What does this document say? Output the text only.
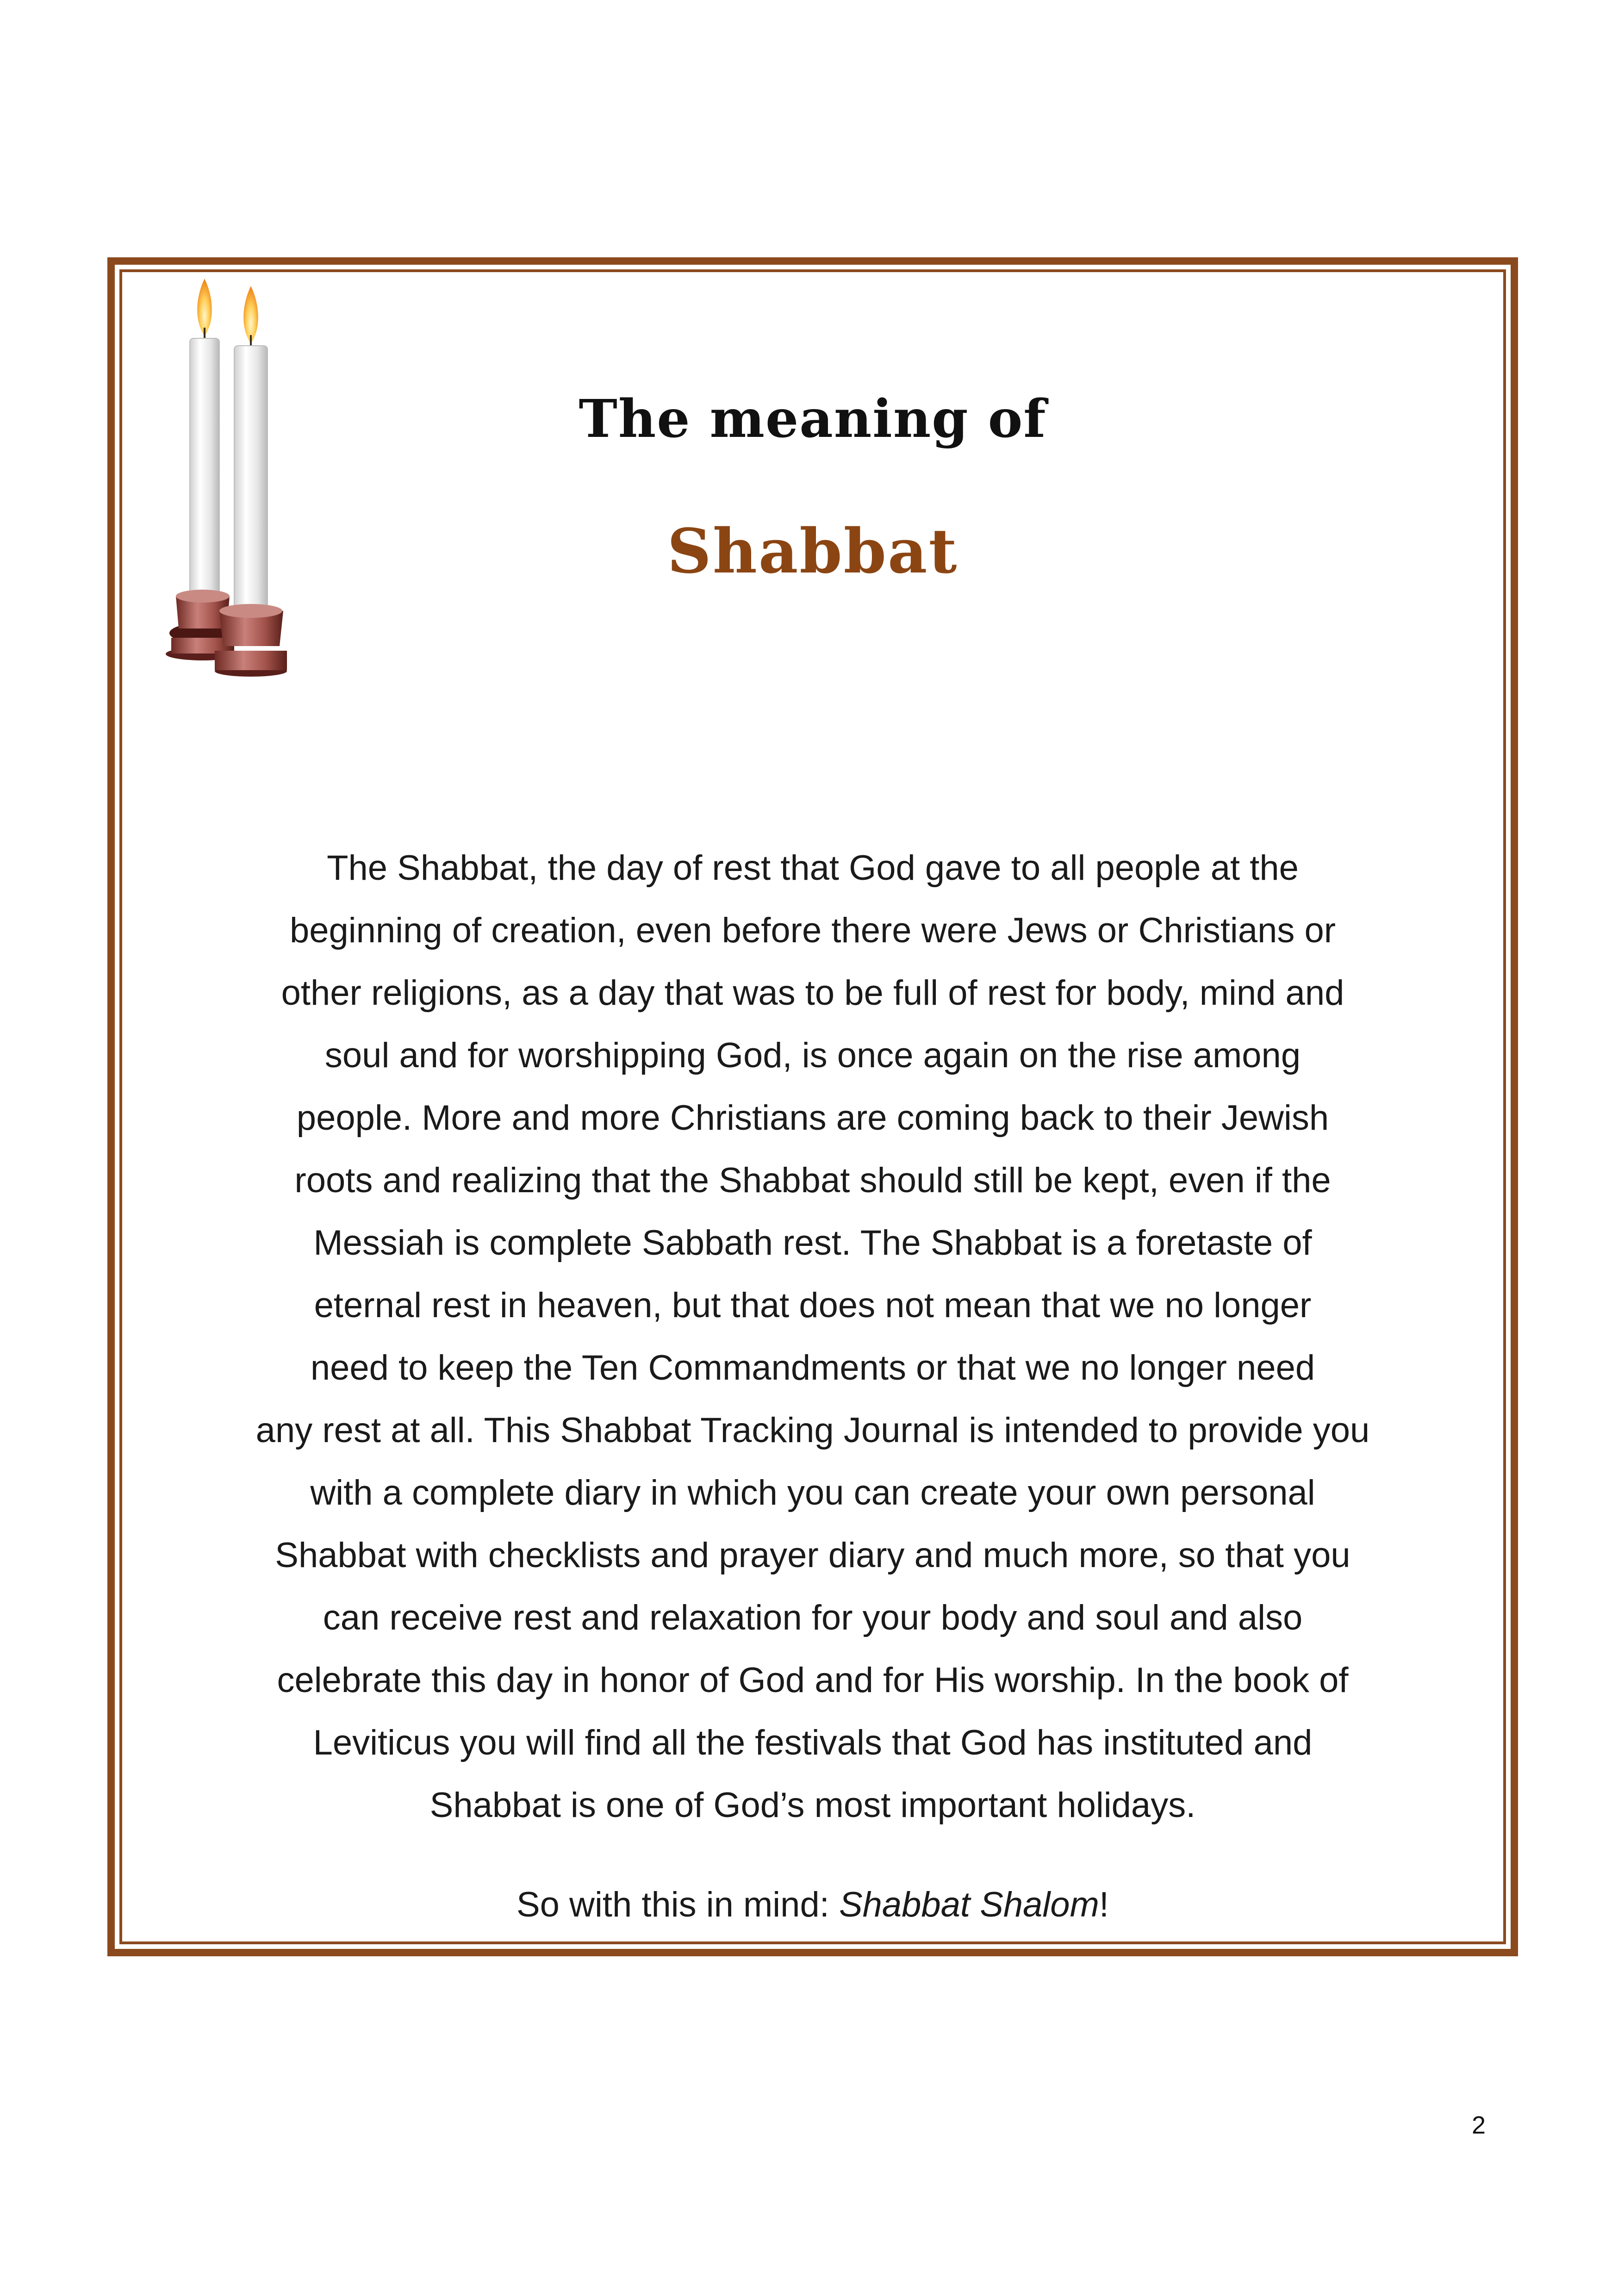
The meaning of
Shabbat
The Shabbat, the day of rest that God gave to all people at the
beginning of creation, even before there were Jews or Christians or
other religions, as a day that was to be full of rest for body, mind and
soul and for worshipping God, is once again on the rise among
people. More and more Christians are coming back to their Jewish
roots and realizing that the Shabbat should still be kept, even if the
Messiah is complete Sabbath rest. The Shabbat is a foretaste of
eternal rest in heaven, but that does not mean that we no longer
need to keep the Ten Commandments or that we no longer need
any rest at all. This Shabbat Tracking Journal is intended to provide you
with a complete diary in which you can create your own personal
Shabbat with checklists and prayer diary and much more, so that you
can receive rest and relaxation for your body and soul and also
celebrate this day in honor of God and for His worship. In the book of
Leviticus you will find all the festivals that God has instituted and
Shabbat is one of God’s most important holidays.
So with this in mind: Shabbat Shalom!
2
